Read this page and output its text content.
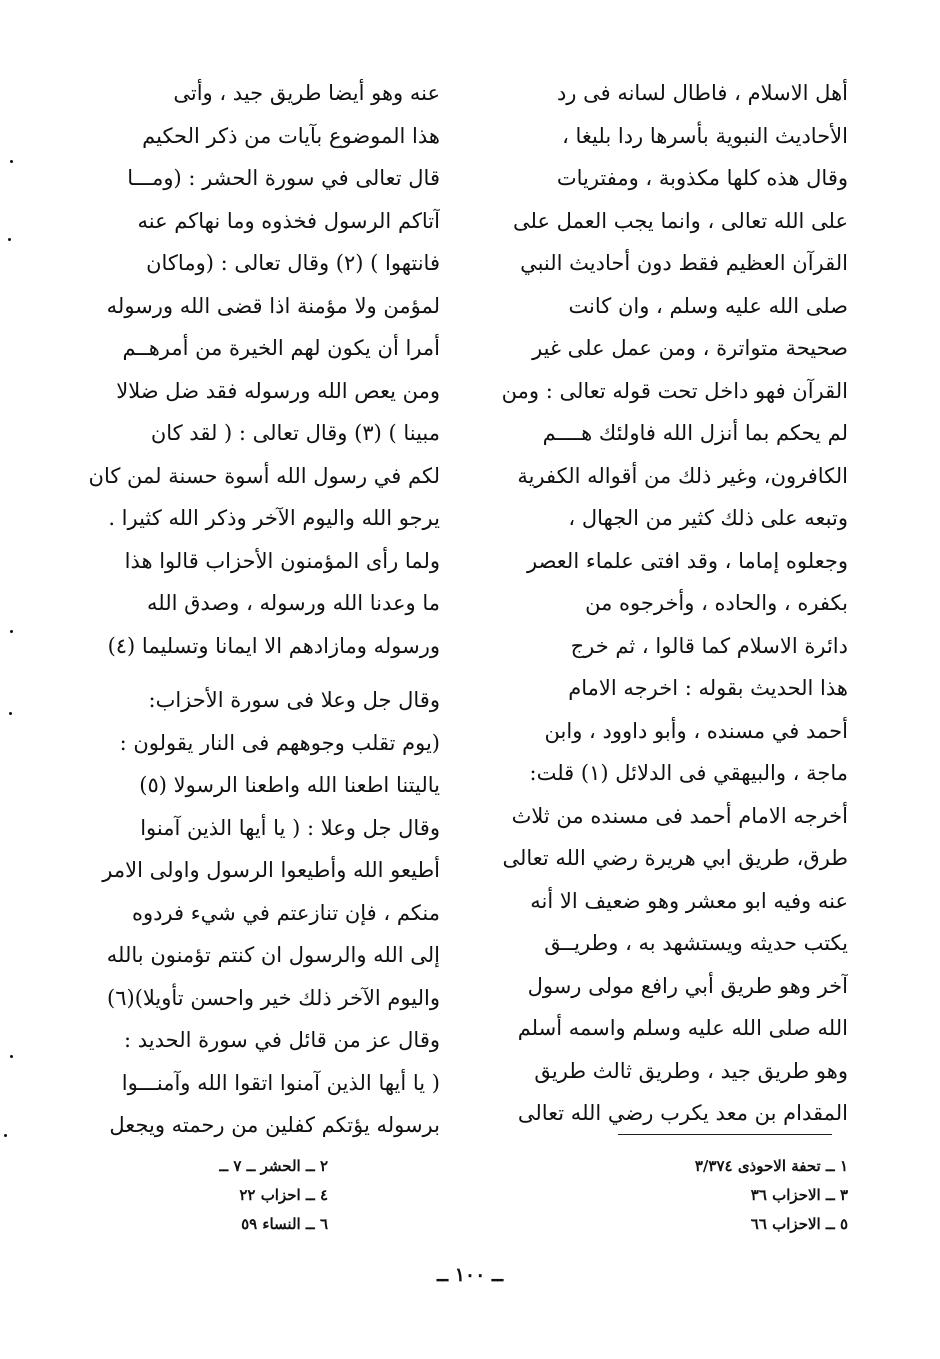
أهل الاسلام ، فاطال لسانه فى رد
الأحاديث النبوية بأسرها ردا بليغا ،
وقال هذه كلها مكذوبة ، ومفتريات
على الله تعالى ، وانما يجب العمل على
القرآن العظيم فقط دون أحاديث النبي
صلى الله عليه وسلم ، وان كانت
صحيحة متواترة ، ومن عمل على غير
القرآن فهو داخل تحت قوله تعالى : ومن
لم يحكم بما أنزل الله فاولئك هــــم
الكافرون، وغير ذلك من أقواله الكفرية
وتبعه على ذلك كثير من الجهال ،
وجعلوه إماما ، وقد افتى علماء العصر
بكفره ، والحاده ، وأخرجوه من
دائرة الاسلام كما قالوا ، ثم خرج
هذا الحديث بقوله : اخرجه الامام
أحمد في مسنده ، وأبو داوود ، وابن
ماجة ، والبيهقي فى الدلائل (١) قلت:
أخرجه الامام أحمد فى مسنده من ثلاث
طرق، طريق ابي هريرة رضي الله تعالى
عنه وفيه ابو معشر وهو ضعيف الا أنه
يكتب حديثه ويستشهد به ، وطريــق
آخر وهو طريق أبي رافع مولى رسول
الله صلى الله عليه وسلم واسمه أسلم
وهو طريق جيد ، وطريق ثالث طريق
المقدام بن معد يكرب رضي الله تعالى
عنه وهو أيضا طريق جيد ، وأتى
هذا الموضوع بآيات من ذكر الحكيم
قال تعالى في سورة الحشر : (ومـــا
آتاكم الرسول فخذوه وما نهاكم عنه
فانتهوا ) (٢) وقال تعالى : (وماكان
لمؤمن ولا مؤمنة اذا قضى الله ورسوله
أمرا أن يكون لهم الخيرة من أمرهــم
ومن يعص الله ورسوله فقد ضل ضلالا
مبينا ) (٣) وقال تعالى : ( لقد كان
لكم في رسول الله أسوة حسنة لمن كان
يرجو الله واليوم الآخر وذكر الله كثيرا .
ولما رأى المؤمنون الأحزاب قالوا هذا
ما وعدنا الله ورسوله ، وصدق الله
ورسوله ومازادهم الا ايمانا وتسليما (٤)
وقال جل وعلا فى سورة الأحزاب:
(يوم تقلب وجوههم فى النار يقولون :
ياليتنا اطعنا الله واطعنا الرسولا (٥)
وقال جل وعلا : ( يا أيها الذين آمنوا
أطيعو الله وأطيعوا الرسول واولى الامر
منكم ، فإن تنازعتم في شيء فردوه
إلى الله والرسول ان كنتم تؤمنون بالله
واليوم الآخر ذلك خير واحسن تأويلا)(٦)
وقال عز من قائل في سورة الحديد :
( يا أيها الذين آمنوا اتقوا الله وآمنـــوا
برسوله يؤتكم كفلين من رحمته ويجعل
١ ــ تحفة الاحوذى ٣/٣٧٤
٣ ــ الاحزاب ٣٦
٥ ــ الاحزاب ٦٦
٢ ــ الحشر ــ ٧ ــ
٤ ــ احزاب ٢٢
٦ ــ النساء ٥٩
ــ ١٠٠ ــ
